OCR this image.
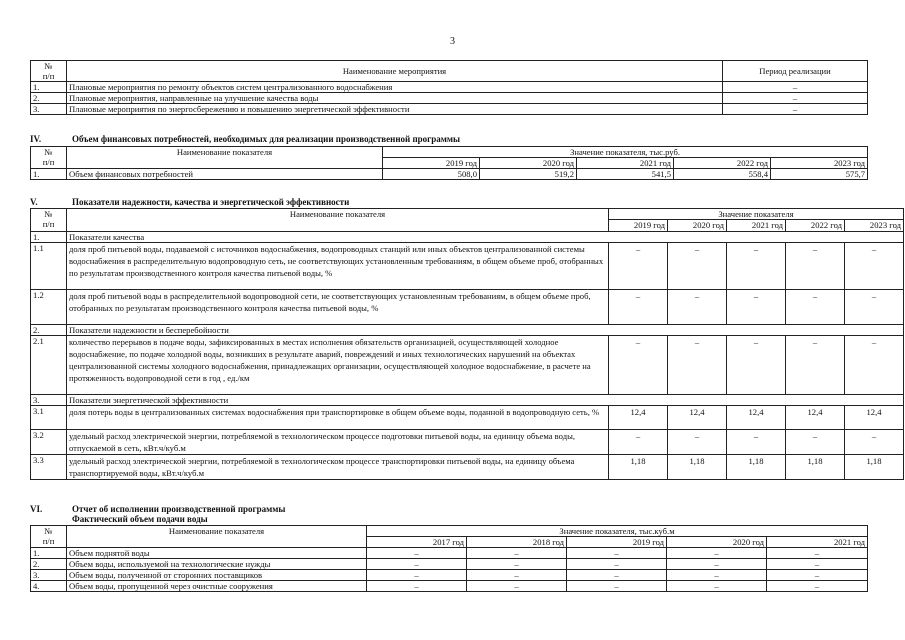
3
№
п/п	Наименование мероприятия	Период реализации
1.	Плановые мероприятия по ремонту объектов систем централизованного водоснабжения	–
2.	Плановые мероприятия, направленные на улучшение качества воды	–
3.	Плановые мероприятия по энергосбережению и повышению энергетической эффективности	–
IV.	Объем финансовых потребностей, необходимых для реализации производственной программы
№
п/п	Наименование показателя	Значение показателя, тыс.руб.				
		2019 год	2020 год	2021 год	2022 год	2023 год
1.	Объем финансовых потребностей	508,0	519,2	541,5	558,4	575,7
V.	Показатели надежности, качества и энергетической эффективности
№
п/п	Наименование показателя	Значение показателя				
		2019 год	2020 год	2021 год	2022 год	2023 год
1.	Показатели качества					
1.1	доля проб питьевой воды, подаваемой с источников водоснабжения, водопроводных станций или иных объектов централизованной системы водоснабжения в распределительную водопроводную сеть, не соответствующих установленным требованиям, в общем объеме проб, отобранных по результатам производственного контроля качества питьевой воды, %	–	–	–	–	–
1.2	доля проб питьевой воды в распределительной водопроводной сети, не соответствующих установленным требованиям, в общем объеме проб, отобранных по результатам производственного контроля качества питьевой воды, %	–	–	–	–	–
2.	Показатели надежности и бесперебойности					
2.1	количество перерывов в подаче воды, зафиксированных в местах исполнения обязательств организацией, осуществляющей холодное водоснабжение, по подаче холодной воды, возникших в результате аварий, повреждений и иных технологических нарушений на объектах централизованной системы холодного водоснабжения, принадлежащих организации, осуществляющей холодное водоснабжение, в расчете на протяженность водопроводной сети в год , ед./км	–	–	–	–	–
3.	Показатели энергетической эффективности					
3.1	доля потерь воды в централизованных системах водоснабжения при транспортировке в общем объеме воды, поданной в водопроводную сеть, %	12,4	12,4	12,4	12,4	12,4
3.2	удельный расход электрической энергии, потребляемой в технологическом процессе подготовки питьевой воды, на единицу объема воды, отпускаемой в сеть, кВт.ч/куб.м	–	–	–	–	–
3.3	удельный расход электрической энергии, потребляемой в технологическом процессе транспортировки питьевой воды, на единицу объема транспортируемой воды, кВт.ч/куб.м	1,18	1,18	1,18	1,18	1,18
VI.	Отчет об исполнении производственной программы
Фактический объем подачи воды
№
п/п	Наименование показателя	Значение показателя, тыс.куб.м				
		2017 год	2018 год	2019 год	2020 год	2021 год
1.	Объем поднятой воды	–	–	–	–	–
2.	Объем воды, используемой на технологические нужды	–	–	–	–	–
3.	Объем воды, полученной от сторонних поставщиков	–	–	–	–	–
4.	Объем воды, пропущенной через очистные сооружения	–	–	–	–	–
